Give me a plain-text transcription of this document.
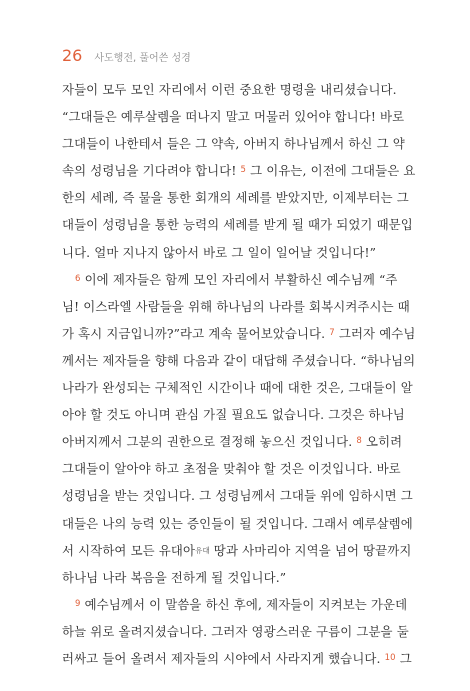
26 사도행전, 풀어쓴 성경
자들이 모두 모인 자리에서 이런 중요한 명령을 내리셨습니다.
“그대들은 예루살렘을 떠나지 말고 머물러 있어야 합니다! 바로
그대들이 나한테서 들은 그 약속, 아버지 하나님께서 하신 그 약
속의 성령님을 기다려야 합니다! $^5$ 그 이유는, 이전에 그대들은 요
한의 세례, 즉 물을 통한 회개의 세례를 받았지만, 이제부터는 그
대들이 성령님을 통한 능력의 세례를 받게 될 때가 되었기 때문입
니다. 얼마 지나지 않아서 바로 그 일이 일어날 것입니다!”
$^6$ 이에 제자들은 함께 모인 자리에서 부활하신 예수님께 “주
님! 이스라엘 사람들을 위해 하나님의 나라를 회복시켜주시는 때
가 혹시 지금입니까?”라고 계속 물어보았습니다. $^7$ 그러자 예수님
께서는 제자들을 향해 다음과 같이 대답해 주셨습니다. “하나님의
나라가 완성되는 구체적인 시간이나 때에 대한 것은, 그대들이 알
아야 할 것도 아니며 관심 가질 필요도 없습니다. 그것은 하나님
아버지께서 그분의 권한으로 결정해 놓으신 것입니다. $^8$ 오히려
그대들이 알아야 하고 초점을 맞춰야 할 것은 이것입니다. 바로
성령님을 받는 것입니다. 그 성령님께서 그대들 위에 임하시면 그
대들은 나의 능력 있는 증인들이 될 것입니다. 그래서 예루살렘에
서 시작하여 모든 유대아유대 땅과 사마리아 지역을 넘어 땅끝까지
하나님 나라 복음을 전하게 될 것입니다.”
$^9$ 예수님께서 이 말씀을 하신 후에, 제자들이 지켜보는 가운데
하늘 위로 올려지셨습니다. 그러자 영광스러운 구름이 그분을 둘
러싸고 들어 올려서 제자들의 시야에서 사라지게 했습니다. $^{10}$ 그
